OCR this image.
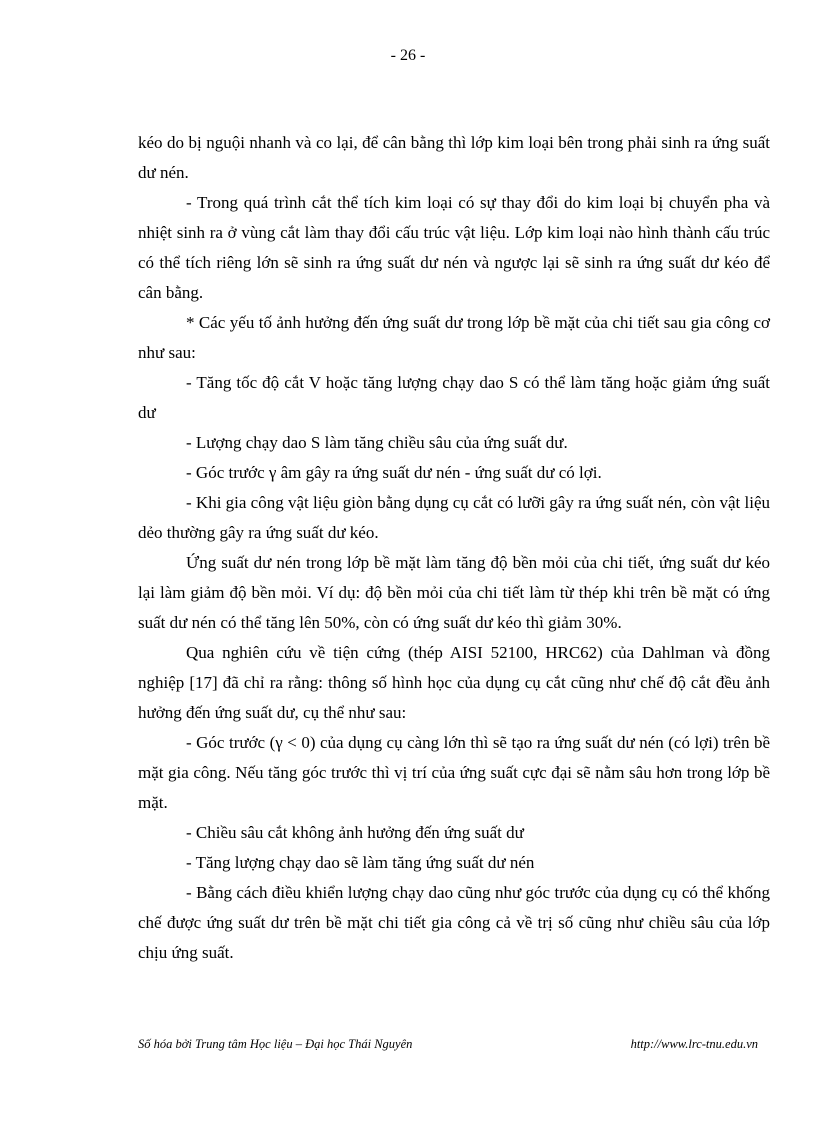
- 26 -

kéo do bị nguội nhanh và co lại, để cân bằng thì lớp kim loại bên trong phải sinh ra ứng suất dư nén.

- Trong quá trình cắt thể tích kim loại có sự thay đổi do kim loại bị chuyển pha và nhiệt sinh ra ở vùng cắt làm thay đổi cấu trúc vật liệu. Lớp kim loại nào hình thành cấu trúc có thể tích riêng lớn sẽ sinh ra ứng suất dư nén và ngược lại sẽ sinh ra ứng suất dư kéo để cân bằng.

* Các yếu tố ảnh hưởng đến ứng suất dư trong lớp bề mặt của chi tiết sau gia công cơ như sau:

- Tăng tốc độ cắt V hoặc tăng lượng chạy dao S có thể làm tăng hoặc giảm ứng suất dư

- Lượng chạy dao S làm tăng chiều sâu của ứng suất dư.

- Góc trước γ âm gây ra ứng suất dư nén - ứng suất dư có lợi.

- Khi gia công vật liệu giòn bằng dụng cụ cắt có lưỡi gây ra ứng suất nén, còn vật liệu dẻo thường gây ra ứng suất dư kéo.

Ứng suất dư nén trong lớp bề mặt làm tăng độ bền mỏi của chi tiết, ứng suất dư kéo lại làm giảm độ bền mỏi. Ví dụ: độ bền mỏi của chi tiết làm từ thép khi trên bề mặt có ứng suất dư nén có thể tăng lên 50%, còn có ứng suất dư kéo thì giảm 30%.

Qua nghiên cứu về tiện cứng (thép AISI 52100, HRC62) của Dahlman và đồng nghiệp [17] đã chỉ ra rằng: thông số hình học của dụng cụ cắt cũng như chế độ cắt đều ảnh hưởng đến ứng suất dư, cụ thể như sau:

- Góc trước (γ < 0) của dụng cụ càng lớn thì sẽ tạo ra ứng suất dư nén (có lợi) trên bề mặt gia công. Nếu tăng góc trước thì vị trí của ứng suất cực đại sẽ nằm sâu hơn trong lớp bề mặt.

- Chiều sâu cắt không ảnh hưởng đến ứng suất dư

- Tăng lượng chạy dao sẽ làm tăng ứng suất dư nén

- Bằng cách điều khiển lượng chạy dao cũng như góc trước của dụng cụ có thể khống chế được ứng suất dư trên bề mặt chi tiết gia công cả về trị số cũng như chiều sâu của lớp chịu ứng suất.

Số hóa bởi Trung tâm Học liệu – Đại học Thái Nguyên	http://www.lrc-tnu.edu.vn
